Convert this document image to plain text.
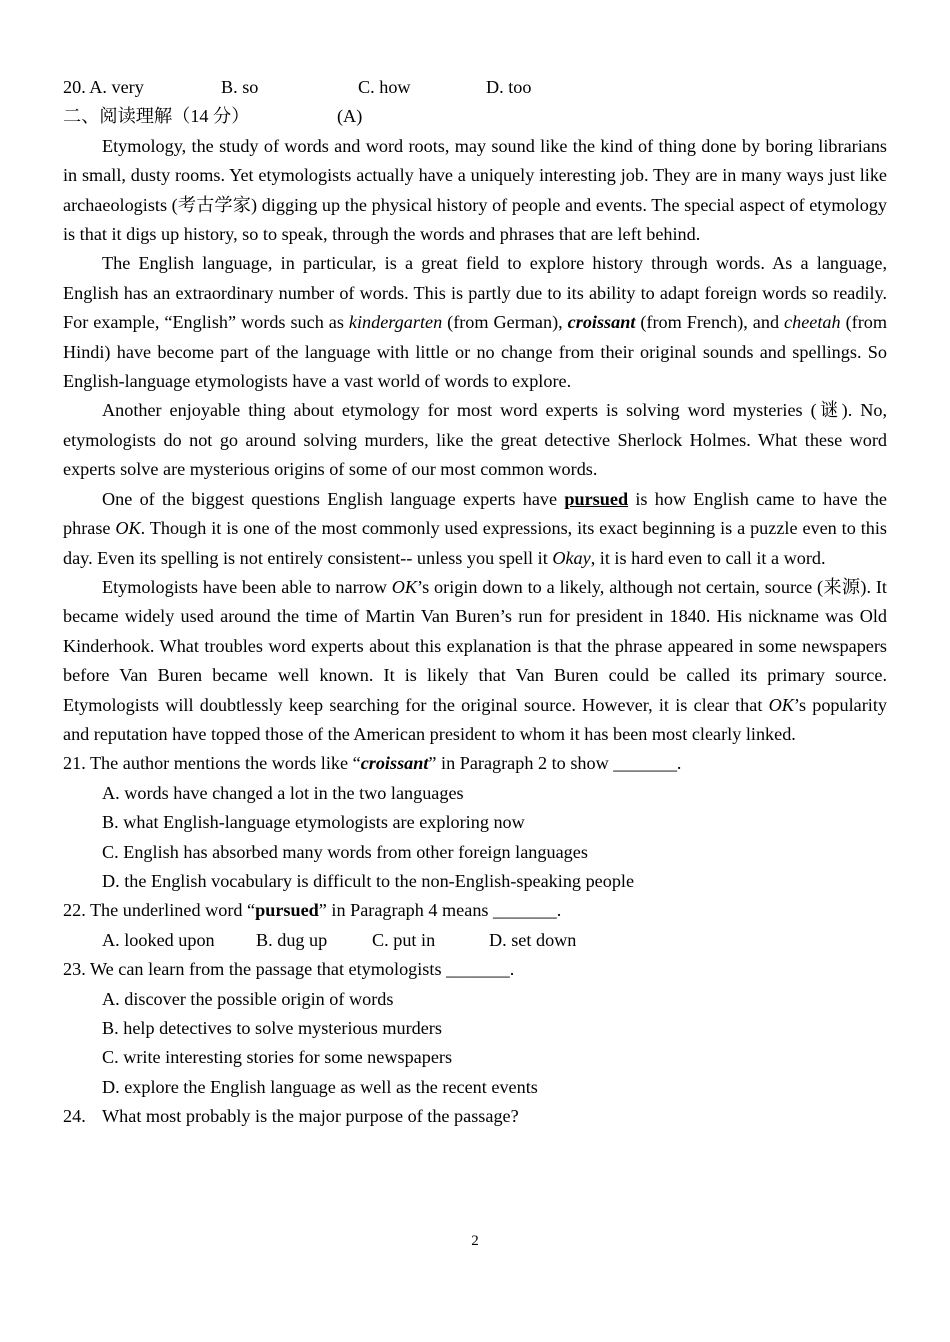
20. A. very	B. so	C. how	D. too
二、阅读理解（14 分）	(A)

Etymology, the study of words and word roots, may sound like the kind of thing done by boring librarians in small, dusty rooms. Yet etymologists actually have a uniquely interesting job. They are in many ways just like archaeologists (考古学家) digging up the physical history of people and events. The special aspect of etymology is that it digs up history, so to speak, through the words and phrases that are left behind.

The English language, in particular, is a great field to explore history through words. As a language, English has an extraordinary number of words. This is partly due to its ability to adapt foreign words so readily. For example, “English” words such as kindergarten (from German), croissant (from French), and cheetah (from Hindi) have become part of the language with little or no change from their original sounds and spellings. So English-language etymologists have a vast world of words to explore.

Another enjoyable thing about etymology for most word experts is solving word mysteries (谜). No, etymologists do not go around solving murders, like the great detective Sherlock Holmes. What these word experts solve are mysterious origins of some of our most common words.

One of the biggest questions English language experts have pursued is how English came to have the phrase OK. Though it is one of the most commonly used expressions, its exact beginning is a puzzle even to this day. Even its spelling is not entirely consistent-- unless you spell it Okay, it is hard even to call it a word.

Etymologists have been able to narrow OK’s origin down to a likely, although not certain, source (来源). It became widely used around the time of Martin Van Buren’s run for president in 1840. His nickname was Old Kinderhook. What troubles word experts about this explanation is that the phrase appeared in some newspapers before Van Buren became well known. It is likely that Van Buren could be called its primary source. Etymologists will doubtlessly keep searching for the original source. However, it is clear that OK’s popularity and reputation have topped those of the American president to whom it has been most clearly linked.

21. The author mentions the words like “croissant” in Paragraph 2 to show _______.
A. words have changed a lot in the two languages
B. what English-language etymologists are exploring now
C. English has absorbed many words from other foreign languages
D. the English vocabulary is difficult to the non-English-speaking people
22. The underlined word “pursued” in Paragraph 4 means _______.
A. looked upon B. dug up C. put in	D. set down
23. We can learn from the passage that etymologists _______.
A. discover the possible origin of words
B. help detectives to solve mysterious murders
C. write interesting stories for some newspapers
D. explore the English language as well as the recent events
24. What most probably is the major purpose of the passage?
2
